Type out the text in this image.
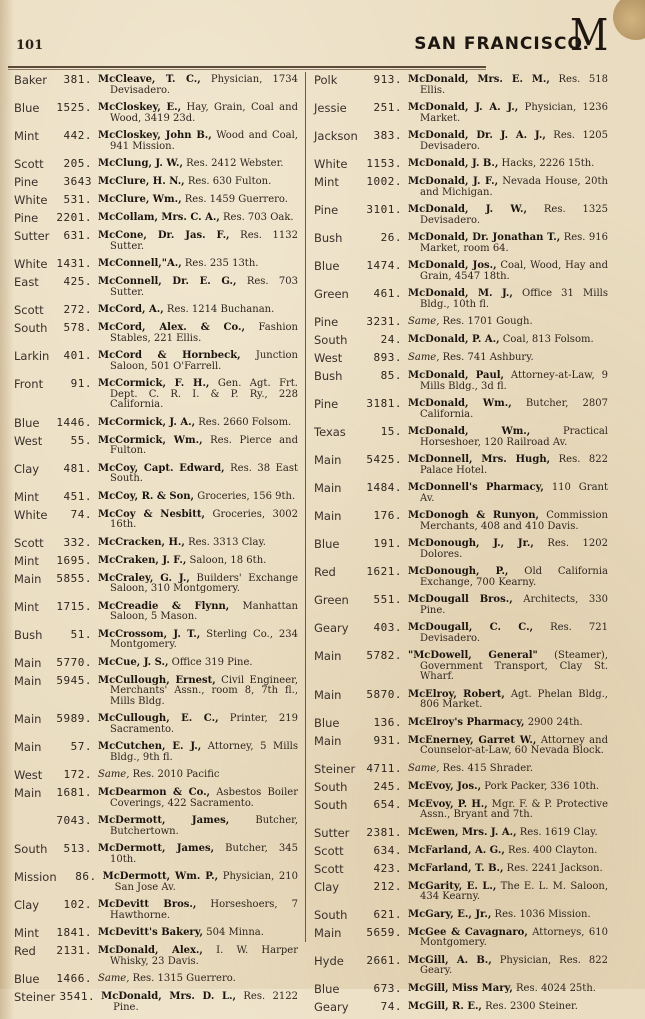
101	SAN FRANCISCO.
M
Baker	381. McCleave, T. C., Physician, 1734 Devisadero.
Blue	1525. McCloskey, E., Hay, Grain, Coal and Wood, 3419 23d.
Mint	442. McCloskey, John B., Wood and Coal, 941 Mission.
Scott	205. McClung, J. W., Res. 2412 Webster.
Pine	3643 McClure, H. N., Res. 630 Fulton.
White	531. McClure, Wm., Res. 1459 Guerrero.
Pine	2201. McCollam, Mrs. C. A., Res. 703 Oak.
Sutter	631. McCone, Dr. Jas. F., Res. 1132 Sutter.
White 1431. McConnell,"A., Res. 235 13th.
East	425. McConnell, Dr. E. G., Res. 703 Sutter.
Scott	272. McCord, A., Res. 1214 Buchanan.
South	578. McCord, Alex. & Co., Fashion Stables, 221 Ellis.
Larkin	401. McCord & Hornbeck, Junction Saloon, 501 O'Farrell.
Front	91. McCormick, F. H., Gen. Agt. Frt. Dept. C. R. I. & P. Ry., 228 California.
Blue	1446. McCormick, J. A., Res. 2660 Folsom.
West	55. McCormick, Wm., Res. Pierce and Fulton.
Clay	481. McCoy, Capt. Edward, Res. 38 East South.
Mint	451. McCoy, R. & Son, Groceries, 156 9th.
White	74. McCoy & Nesbitt, Groceries, 3002 16th.
Scott	332. McCracken, H., Res. 3313 Clay.
Mint	1695. McCraken, J. F., Saloon, 18 6th.
Main	5855. McCraley, G. J., Builders' Exchange Saloon, 310 Montgomery.
Mint	1715. McCreadie & Flynn, Manhattan Saloon, 5 Mason.
Bush	51. McCrossom, J. T., Sterling Co., 234 Montgomery.
Main	5770. McCue, J. S., Office 319 Pine.
Main	5945. McCullough, Ernest, Civil Engineer, Merchants' Assn., room 8, 7th fl., Mills Bldg.
Main	5989. McCullough, E. C., Printer, 219 Sacramento.
Main	57. McCutchen, E. J., Attorney, 5 Mills Bldg., 9th fl.
West	172. Same, Res. 2010 Pacific
Main	1681. McDearmon & Co., Asbestos Boiler Coverings, 422 Sacramento.
7043. McDermott, James, Butcher, Butchertown.
South	513. McDermott, James, Butcher, 345 10th.
Mission	86. McDermott, Wm. P., Physician, 210 San Jose Av.
Clay	102. McDevitt Bros., Horseshoers, 7 Hawthorne.
Mint	1841. McDevitt's Bakery, 504 Minna.
Red	2131. McDonald, Alex., I. W. Harper Whisky, 23 Davis.
Blue	1466. Same, Res. 1315 Guerrero.
Steiner 3541. McDonald, Mrs. D. L., Res. 2122 Pine.
Polk	913. McDonald, Mrs. E. M., Res. 518 Ellis.
Jessie	251. McDonald, J. A. J., Physician, 1236 Market.
Jackson	383. McDonald, Dr. J. A. J., Res. 1205 Devisadero.
White	1153. McDonald, J. B., Hacks, 2226 15th.
Mint	1002. McDonald, J. F., Nevada House, 20th and Michigan.
Pine	3101. McDonald, J. W., Res. 1325 Devisadero.
Bush	26. McDonald, Dr. Jonathan T., Res. 916 Market, room 64.
Blue	1474. McDonald, Jos., Coal, Wood, Hay and Grain, 4547 18th.
Green	461. McDonald, M. J., Office 31 Mills Bldg., 10th fl.
Pine	3231. Same, Res. 1701 Gough.
South	24. McDonald, P. A., Coal, 813 Folsom.
West	893. Same, Res. 741 Ashbury.
Bush	85. McDonald, Paul, Attorney-at-Law, 9 Mills Bldg., 3d fl.
Pine	3181. McDonald, Wm., Butcher, 2807 California.
Texas	15. McDonald, Wm., Practical Horseshoer, 120 Railroad Av.
Main	5425. McDonnell, Mrs. Hugh, Res. 822 Palace Hotel.
Main	1484. McDonnell's Pharmacy, 110 Grant Av.
Main	176. McDonogh & Runyon, Commission Merchants, 408 and 410 Davis.
Blue	191. McDonough, J., Jr., Res. 1202 Dolores.
Red	1621. McDonough, P., Old California Exchange, 700 Kearny.
Green	551. McDougall Bros., Architects, 330 Pine.
Geary	403. McDougall, C. C., Res. 721 Devisadero.
Main	5782. "McDowell, General" (Steamer), Government Transport, Clay St. Wharf.
Main	5870. McElroy, Robert, Agt. Phelan Bldg., 806 Market.
Blue	136. McElroy's Pharmacy, 2900 24th.
Main	931. McEnerney, Garret W., Attorney and Counselor-at-Law, 60 Nevada Block.
Steiner	4711. Same, Res. 415 Shrader.
South	245. McEvoy, Jos., Pork Packer, 336 10th.
South	654. McEvoy, P. H., Mgr. F. & P. Protective Assn., Bryant and 7th.
Sutter	2381. McEwen, Mrs. J. A., Res. 1619 Clay.
Scott	634. McFarland, A. G., Res. 400 Clayton.
Scott	423. McFarland, T. B., Res. 2241 Jackson.
Clay	212. McGarity, E. L., The E. L. M. Saloon, 434 Kearny.
South	621. McGary, E., Jr., Res. 1036 Mission.
Main	5659. McGee & Cavagnaro, Attorneys, 610 Montgomery.
Hyde	2661. McGill, A. B., Physician, Res. 822 Geary.
Blue	673. McGill, Miss Mary, Res. 4024 25th.
Geary	74. McGill, R. E., Res. 2300 Steiner.
